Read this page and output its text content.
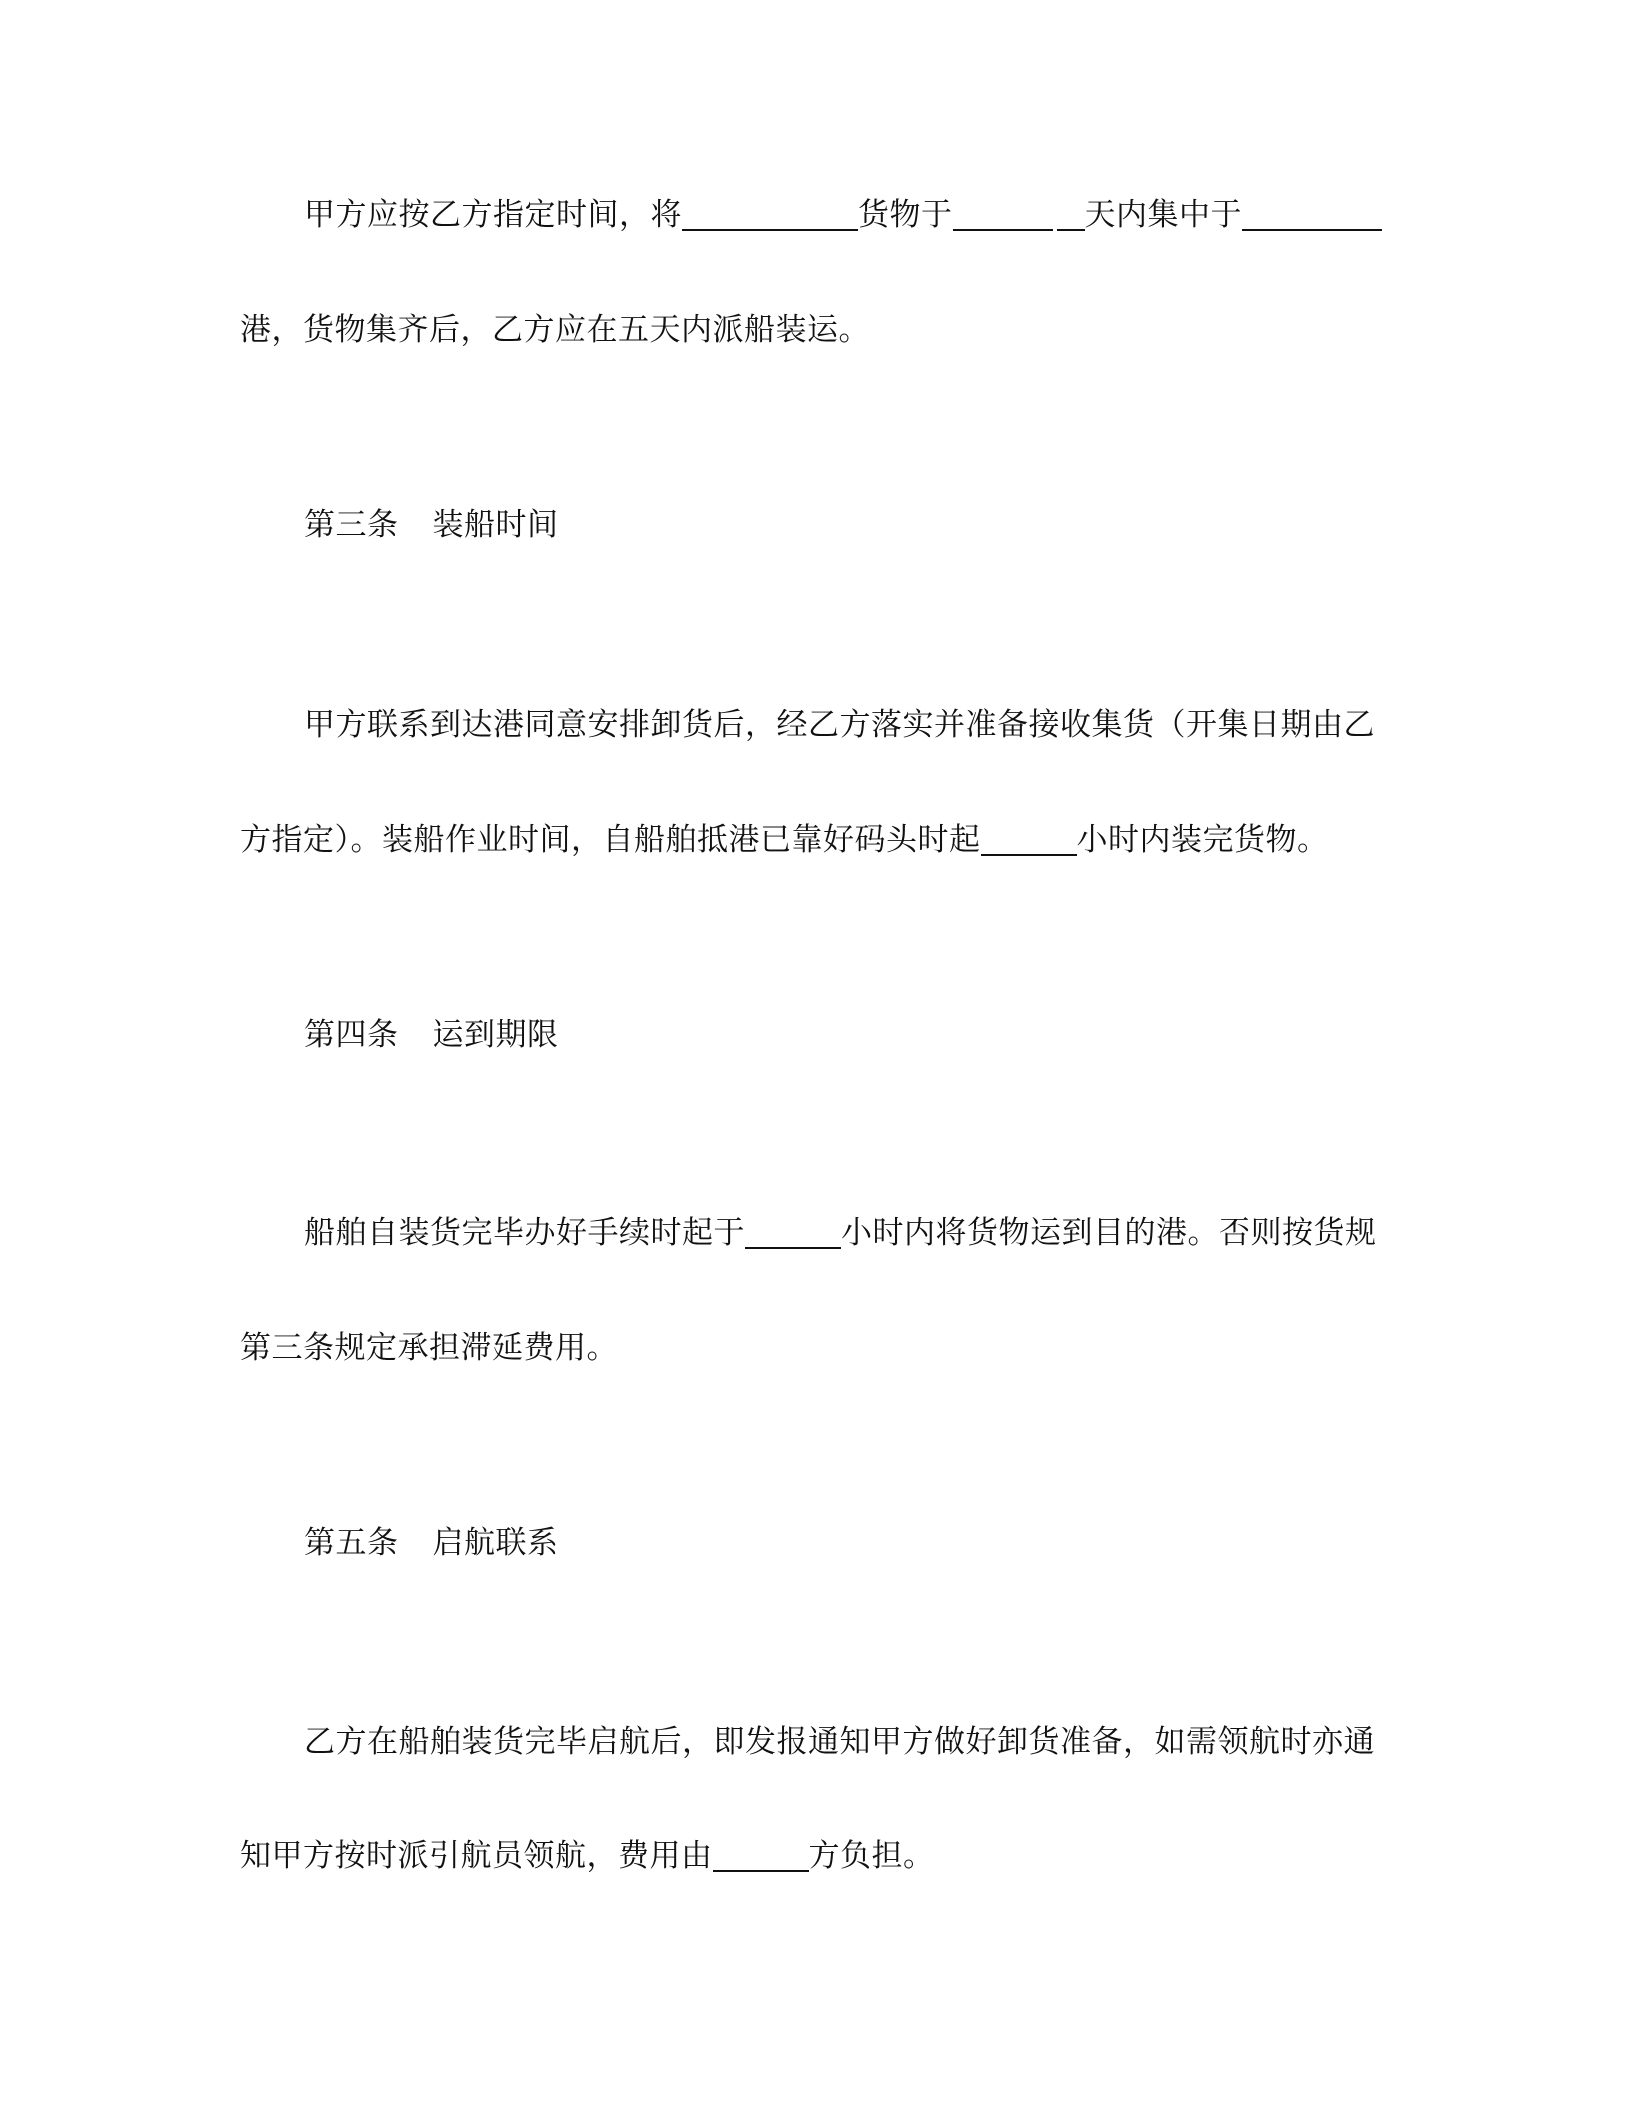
甲方应按乙方指定时间，将	货物于	天内集中于
港，货物集齐后，乙方应在五天内派船装运。
第三条 装船时间
甲方联系到达港同意安排卸货后，经乙方落实并准备接收集货（开集日期由乙
方指定）。装船作业时间，自船舶抵港已靠好码头时起	小时内装完货物。
第四条 运到期限
船舶自装货完毕办好手续时起于	小时内将货物运到目的港。否则按货规
第三条规定承担滞延费用。
第五条 启航联系
乙方在船舶装货完毕启航后，即发报通知甲方做好卸货准备，如需领航时亦通
知甲方按时派引航员领航，费用由	方负担。
